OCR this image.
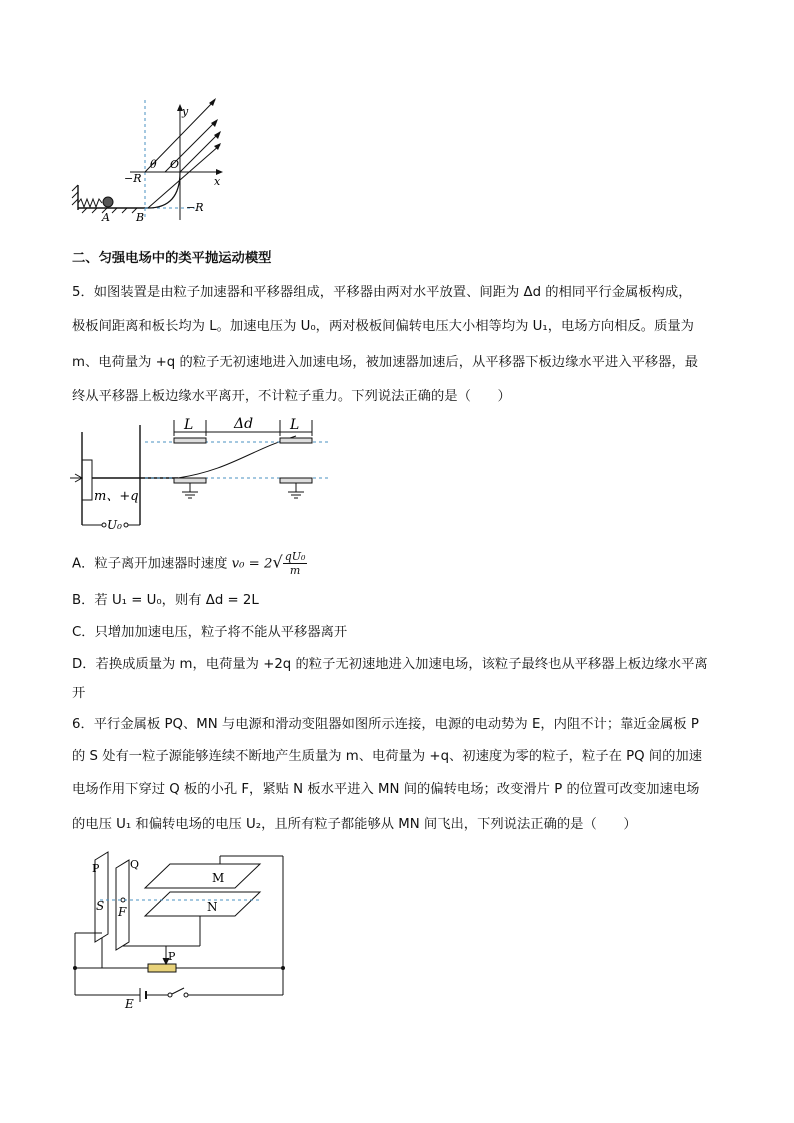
y
x
θ O
−R
−R
A B
二、匀强电场中的类平抛运动模型
5．如图装置是由粒子加速器和平移器组成，平移器由两对水平放置、间距为 Δd 的相同平行金属板构成，
极板间距离和板长均为 L。加速电压为 U₀，两对极板间偏转电压大小相等均为 U₁，电场方向相反。质量为
m、电荷量为 +q 的粒子无初速地进入加速电场，被加速器加速后，从平移器下板边缘水平进入平移器，最
终从平移器上板边缘水平离开，不计粒子重力。下列说法正确的是（　　）
L	L
Δd
m、+q
U₀
A．粒子离开加速器时速度 $v_0 = 2√ \frac{\text{qU₀}}{m}$
B．若 U₁ = U₀，则有 Δd = 2L
C．只增加加速电压，粒子将不能从平移器离开
D．若换成质量为 m，电荷量为 +2q 的粒子无初速地进入加速电场，该粒子最终也从平移器上板边缘水平离
开
6．平行金属板 PQ、MN 与电源和滑动变阻器如图所示连接，电源的电动势为 E，内阻不计；靠近金属板 P
的 S 处有一粒子源能够连续不断地产生质量为 m、电荷量为 +q、初速度为零的粒子，粒子在 PQ 间的加速
电场作用下穿过 Q 板的小孔 F，紧贴 N 板水平进入 MN 间的偏转电场；改变滑片 P 的位置可改变加速电场
的电压 U₁ 和偏转电场的电压 U₂，且所有粒子都能够从 MN 间飞出，下列说法正确的是（　　）
P	Q
S F
M
N
P
E
